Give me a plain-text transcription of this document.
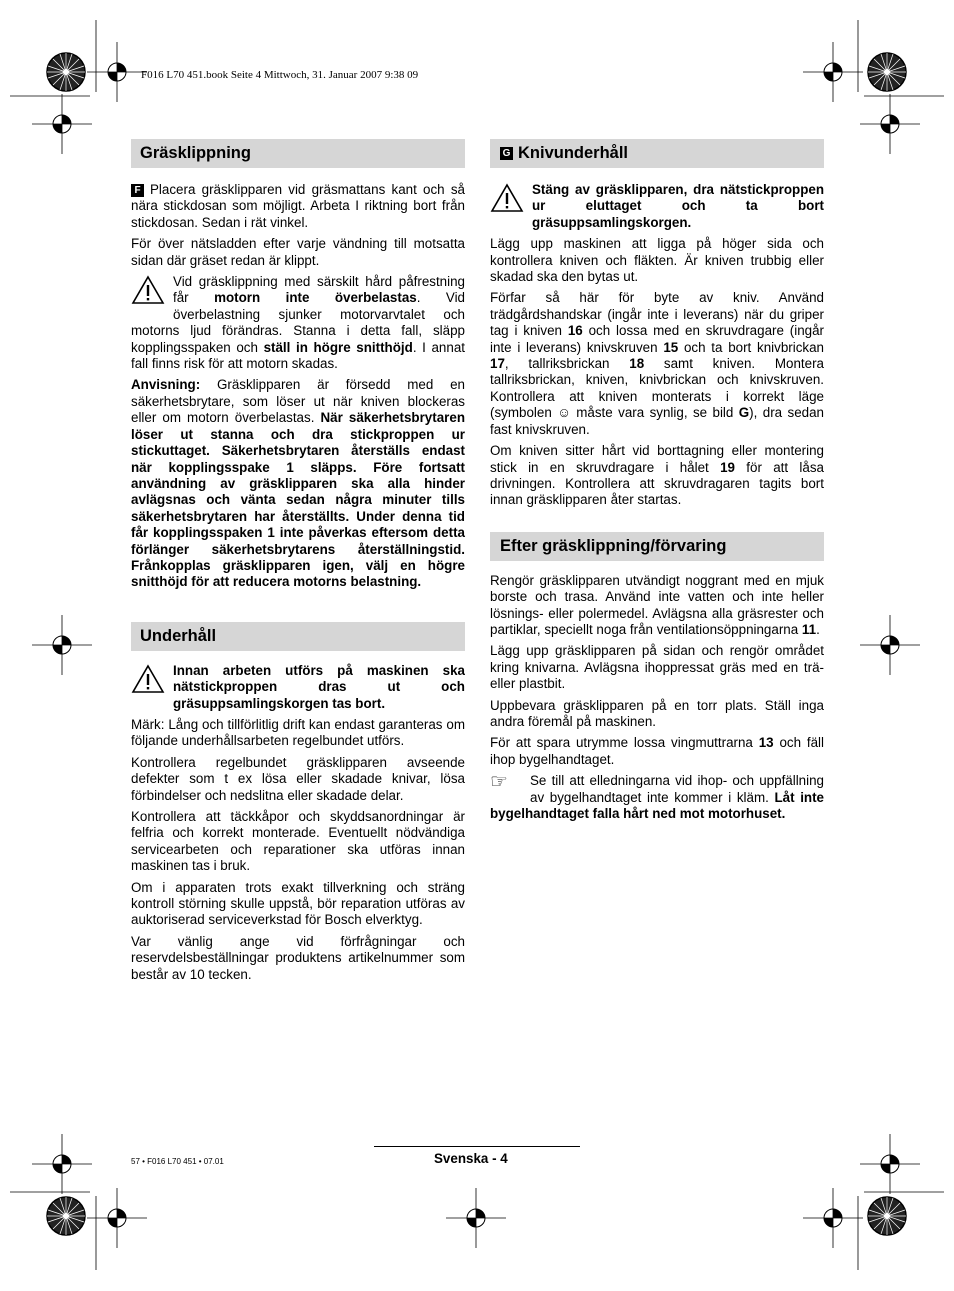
F016 L70 451.book Seite 4 Mittwoch, 31. Januar 2007 9:38 09
Gräsklippning

F Placera gräsklipparen vid gräsmattans kant och så nära stickdosan som möjligt. Arbeta I riktning bort från stickdosan. Sedan i rät vinkel.

För över nätsladden efter varje vändning till motsatta sidan där gräset redan är klippt.

Vid gräsklippning med särskilt hård påfrestning får motorn inte överbelastas. Vid överbelastning sjunker motorvarvtalet och motorns ljud förändras. Stanna i detta fall, släpp kopplingsspaken och ställ in högre snitthöjd. I annat fall finns risk för att motorn skadas.

Anvisning: Gräsklipparen är försedd med en säkerhetsbrytare, som löser ut när kniven blockeras eller om motorn överbelastas. När säkerhetsbrytaren löser ut stanna och dra stickproppen ur stickuttaget. Säkerhetsbrytaren återställs endast när kopplingsspake 1 släpps. Före fortsatt användning av gräsklipparen ska alla hinder avlägsnas och vänta sedan några minuter tills säkerhetsbrytaren har återställts. Under denna tid får kopplingsspaken 1 inte påverkas eftersom detta förlänger säkerhetsbrytarens återställningstid. Frånkopplas gräsklipparen igen, välj en högre snitthöjd för att reducera motorns belastning.

Underhåll

Innan arbeten utförs på maskinen ska nätstickproppen dras ut och gräsuppsamlingskorgen tas bort.

Märk: Lång och tillförlitlig drift kan endast garanteras om följande underhållsarbeten regelbundet utförs.

Kontrollera regelbundet gräsklipparen avseende defekter som t ex lösa eller skadade knivar, lösa förbindelser och nedslitna eller skadade delar.

Kontrollera att täckkåpor och skyddsanordningar är felfria och korrekt monterade. Eventuellt nödvändiga servicearbeten och reparationer ska utföras innan maskinen tas i bruk.

Om i apparaten trots exakt tillverkning och sträng kontroll störning skulle uppstå, bör reparation utföras av auktoriserad serviceverkstad för Bosch elverktyg.

Var vänlig ange vid förfrågningar och reservdelsbeställningar produktens artikelnummer som består av 10 tecken.

G Knivunderhåll

Stäng av gräsklipparen, dra nätstickproppen ur eluttaget och ta bort gräsuppsamlingskorgen.

Lägg upp maskinen att ligga på höger sida och kontrollera kniven och fläkten. Är kniven trubbig eller skadad ska den bytas ut.

Förfar så här för byte av kniv. Använd trädgårdshandskar (ingår inte i leverans) när du griper tag i kniven 16 och lossa med en skruvdragare (ingår inte i leverans) knivskruven 15 och ta bort knivbrickan 17, tallriksbrickan 18 samt kniven. Montera tallriksbrickan, kniven, knivbrickan och knivskruven. Kontrollera att kniven monterats i korrekt läge (symbolen ☺ måste vara synlig, se bild G), dra sedan fast knivskruven.

Om kniven sitter hårt vid borttagning eller montering stick in en skruvdragare i hålet 19 för att låsa drivningen. Kontrollera att skruvdragaren tagits bort innan gräsklipparen åter startas.

Efter gräsklippning/förvaring

Rengör gräsklipparen utvändigt noggrant med en mjuk borste och trasa. Använd inte vatten och inte heller lösnings- eller polermedel. Avlägsna alla gräsrester och partiklar, speciellt noga från ventilationsöppningarna 11.

Lägg upp gräsklipparen på sidan och rengör området kring knivarna. Avlägsna ihoppressat gräs med en trä- eller plastbit.

Uppbevara gräsklipparen på en torr plats. Ställ inga andra föremål på maskinen.

För att spara utrymme lossa vingmuttrarna 13 och fäll ihop bygelhandtaget.

☞	Se till att elledningarna vid ihop- och uppfällning av bygelhandtaget inte kommer i kläm. Låt inte bygelhandtaget falla hårt ned mot motorhuset.

57 • F016 L70 451 • 07.01	Svenska - 4
